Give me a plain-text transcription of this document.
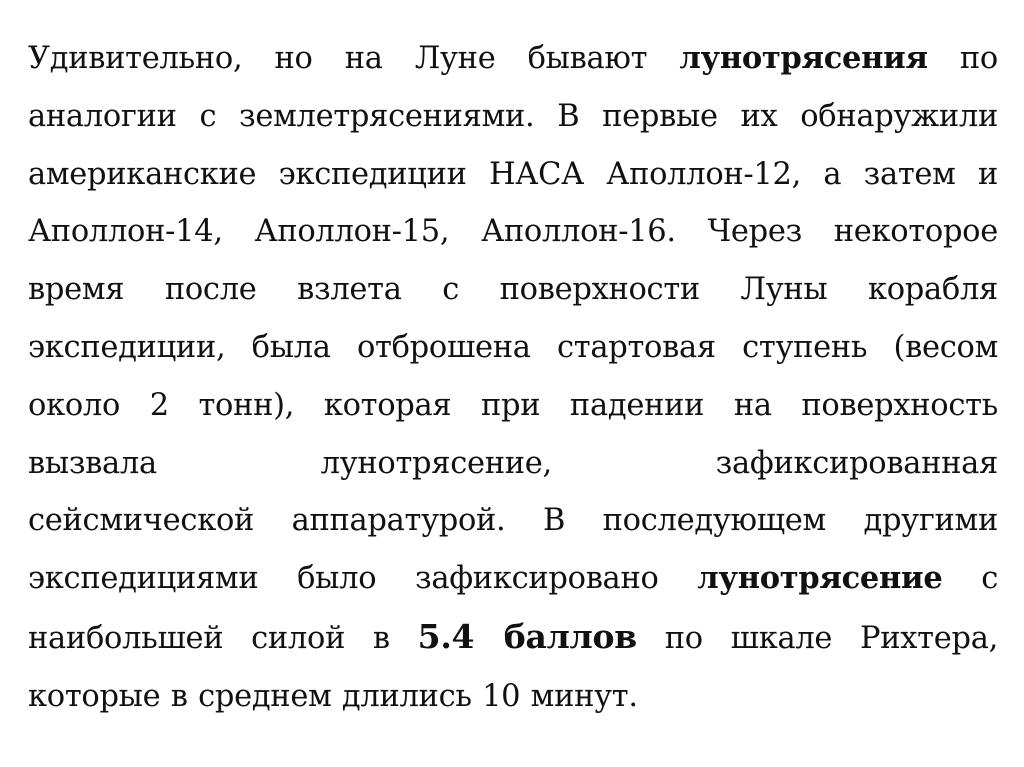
Удивительно, но на Луне бывают лунотрясения по
аналогии с землетрясениями. В первые их обнаружили
американские экспедиции НАСА Аполлон-12, а затем и
Аполлон-14, Аполлон-15, Аполлон-16. Через некоторое
время после взлета с поверхности Луны корабля
экспедиции, была отброшена стартовая ступень (весом
около 2 тонн), которая при падении на поверхность
вызвала лунотрясение, зафиксированная
сейсмической аппаратурой. В последующем другими
экспедициями было зафиксировано лунотрясение с
наибольшей силой в 5.4 баллов по шкале Рихтера,
которые в среднем длились 10 минут.
